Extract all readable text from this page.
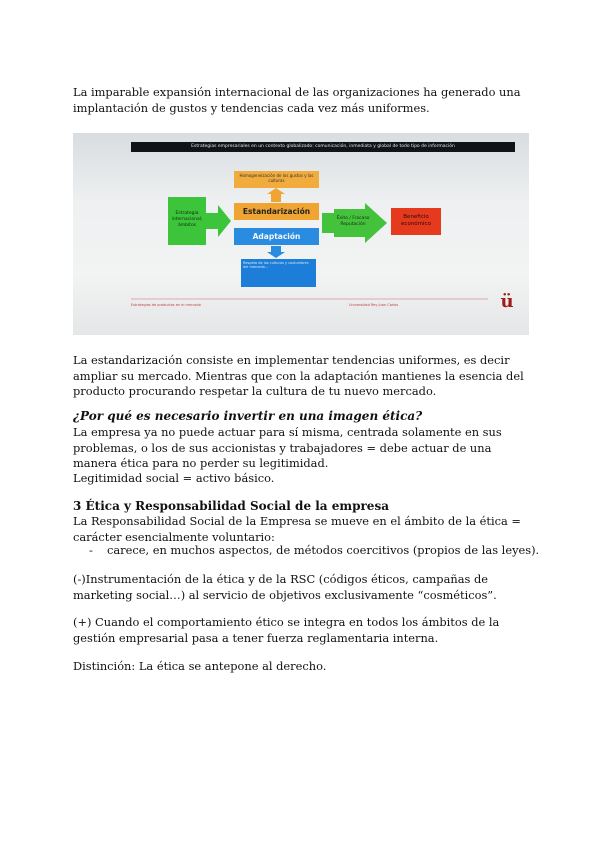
La imparable expansión internacional de las organizaciones ha generado una implantación de gustos y tendencias cada vez más uniformes.

Estrategias empresariales en un contexto globalizado: comunicación, inmediata y global de todo tipo de información
Homogeneización de los gustos y las culturas
Estrategia internacional, ámbitos
Estandarización
Adaptación
Éxito / Fracaso Reputación
Beneficio económico
Respeto de las culturas y costumbres del mercado...
Estrategias de productos en el mercado	Universidad Rey Juan Carlos	ü

La estandarización consiste en implementar tendencias uniformes, es decir ampliar su mercado. Mientras que con la adaptación mantienes la esencia del producto procurando respetar la cultura de tu nuevo mercado.

¿Por qué es necesario invertir en una imagen ética?

La empresa ya no puede actuar para sí misma, centrada solamente en sus problemas, o los de sus accionistas y trabajadores = debe actuar de una manera ética para no perder su legitimidad.

Legitimidad social = activo básico.

3 Ética y Responsabilidad Social de la empresa

La Responsabilidad Social de la Empresa se mueve en el ámbito de la ética = carácter esencialmente voluntario:

- carece, en muchos aspectos, de métodos coercitivos (propios de las leyes).

(-)Instrumentación de la ética y de la RSC (códigos éticos, campañas de marketing social…) al servicio de objetivos exclusivamente “cosméticos”.

(+) Cuando el comportamiento ético se integra en todos los ámbitos de la gestión empresarial pasa a tener fuerza reglamentaria interna.

Distinción: La ética se antepone al derecho.
